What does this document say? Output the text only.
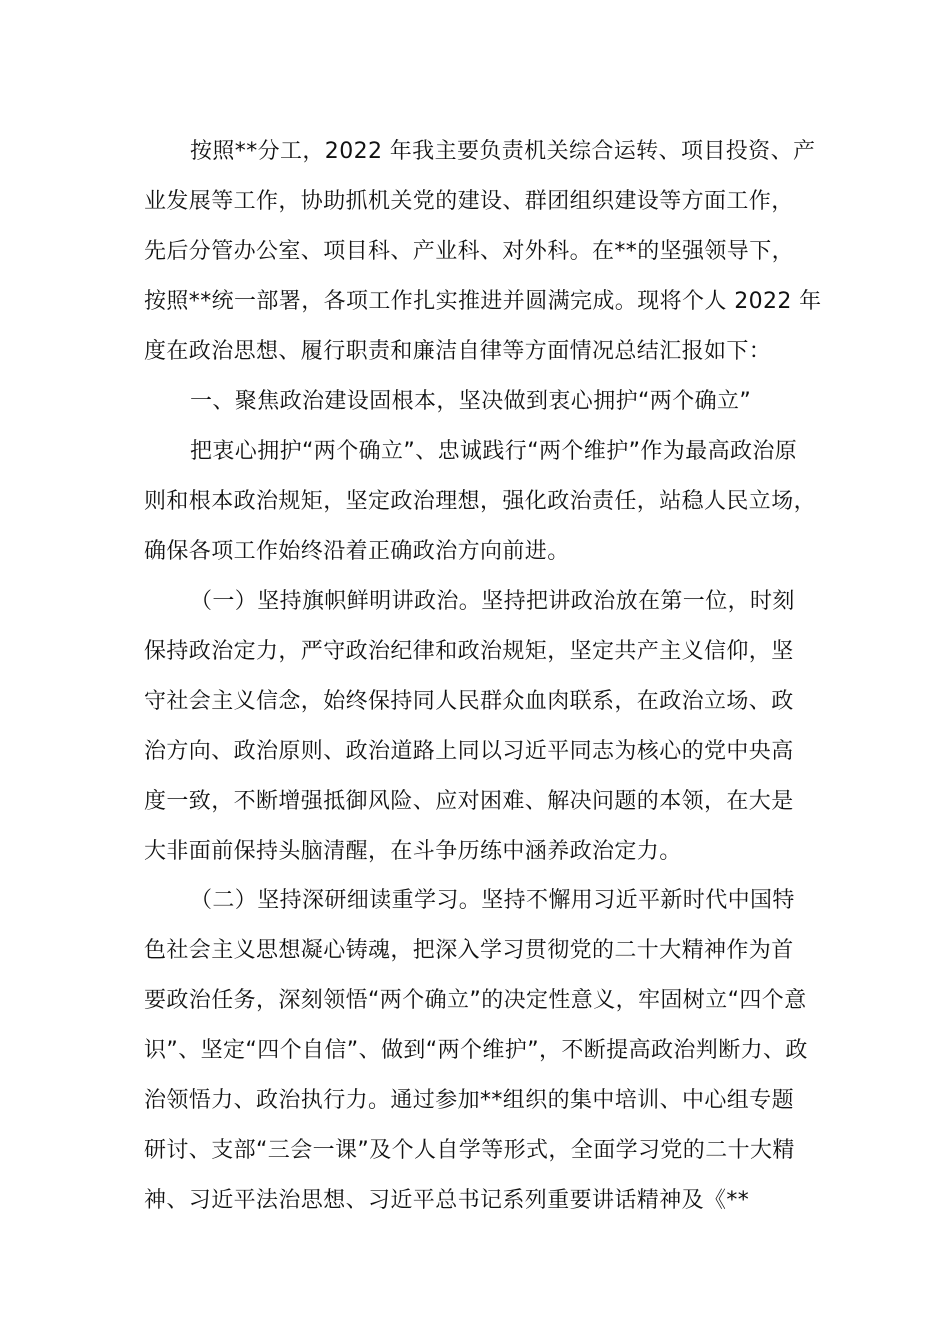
按照**分工，2022 年我主要负责机关综合运转、项目投资、产
业发展等工作，协助抓机关党的建设、群团组织建设等方面工作，
先后分管办公室、项目科、产业科、对外科。在**的坚强领导下，
按照**统一部署，各项工作扎实推进并圆满完成。现将个人 2022 年
度在政治思想、履行职责和廉洁自律等方面情况总结汇报如下：
一、聚焦政治建设固根本，坚决做到衷心拥护“两个确立”
把衷心拥护“两个确立”、忠诚践行“两个维护”作为最高政治原
则和根本政治规矩，坚定政治理想，强化政治责任，站稳人民立场，
确保各项工作始终沿着正确政治方向前进。
（一）坚持旗帜鲜明讲政治。坚持把讲政治放在第一位，时刻
保持政治定力，严守政治纪律和政治规矩，坚定共产主义信仰，坚
守社会主义信念，始终保持同人民群众血肉联系，在政治立场、政
治方向、政治原则、政治道路上同以习近平同志为核心的党中央高
度一致，不断增强抵御风险、应对困难、解决问题的本领，在大是
大非面前保持头脑清醒，在斗争历练中涵养政治定力。
（二）坚持深研细读重学习。坚持不懈用习近平新时代中国特
色社会主义思想凝心铸魂，把深入学习贯彻党的二十大精神作为首
要政治任务，深刻领悟“两个确立”的决定性意义，牢固树立“四个意
识”、坚定“四个自信”、做到“两个维护”，不断提高政治判断力、政
治领悟力、政治执行力。通过参加**组织的集中培训、中心组专题
研讨、支部“三会一课”及个人自学等形式，全面学习党的二十大精
神、习近平法治思想、习近平总书记系列重要讲话精神及《**
